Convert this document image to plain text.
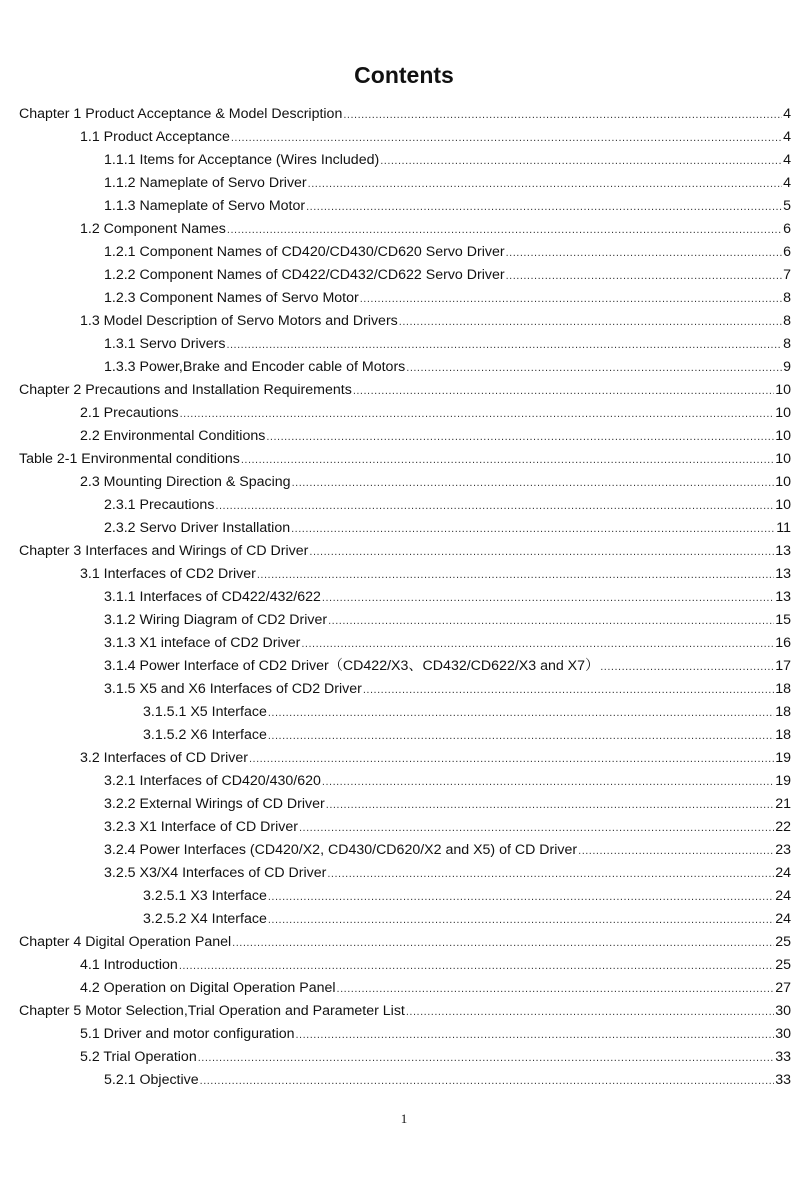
Contents
Chapter 1 Product Acceptance & Model Description .....	4
1.1 Product Acceptance .....	4
1.1.1 Items for Acceptance (Wires Included) .....	4
1.1.2 Nameplate of Servo Driver .....	4
1.1.3 Nameplate of Servo Motor .....	5
1.2 Component Names .....	6
1.2.1 Component Names of CD420/CD430/CD620 Servo Driver .....	6
1.2.2 Component Names of CD422/CD432/CD622 Servo Driver .....	7
1.2.3 Component Names of Servo Motor .....	8
1.3 Model Description of Servo Motors and Drivers .....	8
1.3.1 Servo Drivers .....	8
1.3.3 Power,Brake and Encoder cable of Motors .....	9
Chapter 2 Precautions and Installation Requirements .....	10
2.1 Precautions .....	10
2.2 Environmental Conditions .....	10
Table 2-1 Environmental conditions .....	10
2.3 Mounting Direction & Spacing .....	10
2.3.1 Precautions .....	10
2.3.2 Servo Driver Installation .....	11
Chapter 3 Interfaces and Wirings of CD Driver .....	13
3.1 Interfaces of CD2 Driver .....	13
3.1.1 Interfaces of CD422/432/622 .....	13
3.1.2 Wiring Diagram of CD2 Driver .....	15
3.1.3 X1 inteface of CD2 Driver .....	16
3.1.4 Power Interface of CD2 Driver（CD422/X3、CD432/CD622/X3 and X7） .....	17
3.1.5 X5 and X6 Interfaces of CD2 Driver .....	18
3.1.5.1 X5 Interface .....	18
3.1.5.2 X6 Interface .....	18
3.2 Interfaces of CD Driver .....	19
3.2.1 Interfaces of CD420/430/620 .....	19
3.2.2 External Wirings of CD Driver .....	21
3.2.3 X1 Interface of CD Driver .....	22
3.2.4 Power Interfaces (CD420/X2, CD430/CD620/X2 and X5) of CD Driver .....	23
3.2.5 X3/X4 Interfaces of CD Driver .....	24
3.2.5.1 X3 Interface .....	24
3.2.5.2 X4 Interface .....	24
Chapter 4 Digital Operation Panel .....	25
4.1 Introduction .....	25
4.2 Operation on Digital Operation Panel .....	27
Chapter 5 Motor Selection,Trial Operation and Parameter List .....	30
5.1 Driver and motor configuration .....	30
5.2 Trial Operation .....	33
5.2.1 Objective .....	33
1
